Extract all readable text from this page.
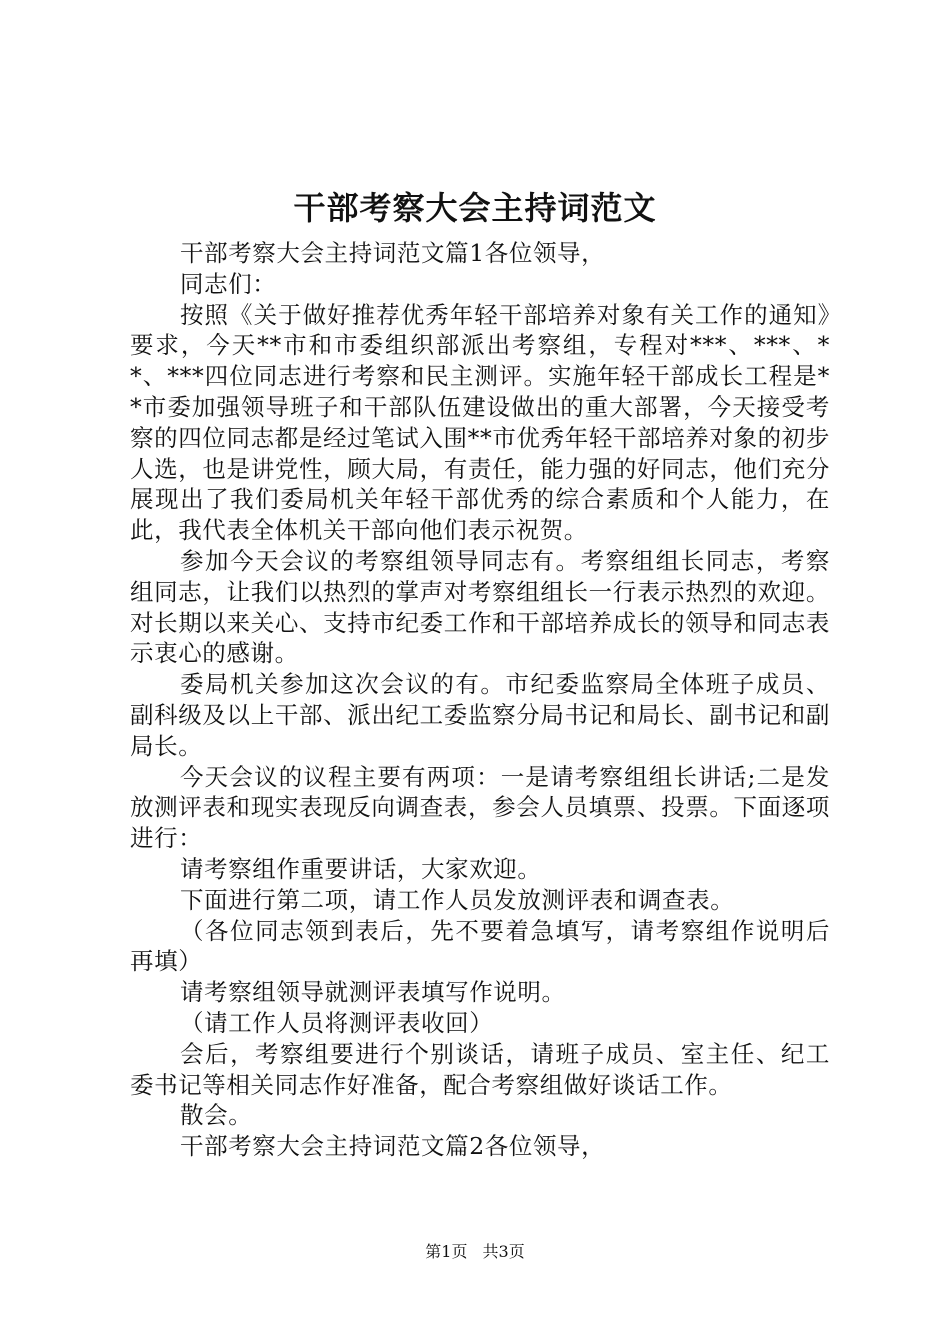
干部考察大会主持词范文

干部考察大会主持词范文篇1各位领导，

同志们：

按照《关于做好推荐优秀年轻干部培养对象有关工作的通知》要求，今天**市和市委组织部派出考察组，专程对***、***、**、***四位同志进行考察和民主测评。实施年轻干部成长工程是**市委加强领导班子和干部队伍建设做出的重大部署，今天接受考察的四位同志都是经过笔试入围**市优秀年轻干部培养对象的初步人选，也是讲党性，顾大局，有责任，能力强的好同志，他们充分展现出了我们委局机关年轻干部优秀的综合素质和个人能力，在此，我代表全体机关干部向他们表示祝贺。

参加今天会议的考察组领导同志有。考察组组长同志，考察组同志，让我们以热烈的掌声对考察组组长一行表示热烈的欢迎。对长期以来关心、支持市纪委工作和干部培养成长的领导和同志表示衷心的感谢。

委局机关参加这次会议的有。市纪委监察局全体班子成员、副科级及以上干部、派出纪工委监察分局书记和局长、副书记和副局长。

今天会议的议程主要有两项：一是请考察组组长讲话;二是发放测评表和现实表现反向调查表，参会人员填票、投票。下面逐项进行：

请考察组作重要讲话，大家欢迎。

下面进行第二项，请工作人员发放测评表和调查表。

（各位同志领到表后，先不要着急填写，请考察组作说明后再填）

请考察组领导就测评表填写作说明。

（请工作人员将测评表收回）

会后，考察组要进行个别谈话，请班子成员、室主任、纪工委书记等相关同志作好准备，配合考察组做好谈话工作。

散会。

干部考察大会主持词范文篇2各位领导，

第1页 共3页
